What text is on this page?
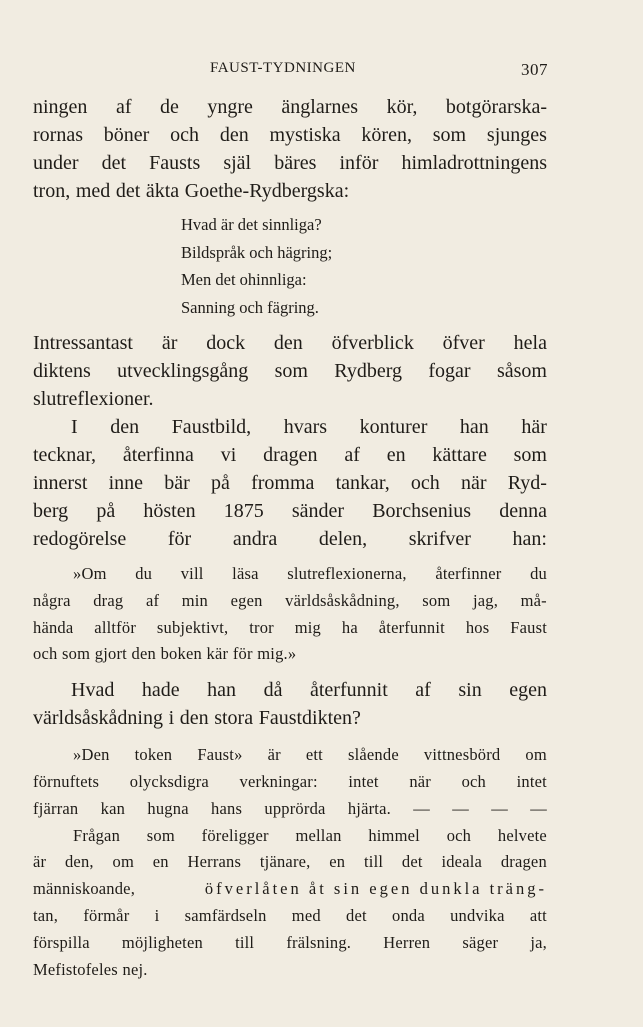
FAUST-TYDNINGEN	307
ningen af de yngre änglarnes kör, botgörarska-
rornas böner och den mystiska kören, som sjunges
under det Fausts själ bäres inför himladrottningens
tron, med det äkta Goethe-Rydbergska:
Hvad är det sinnliga?
Bildspråk och hägring;
Men det ohinnliga:
Sanning och fägring.
Intressantast är dock den öfverblick öfver hela
diktens utvecklingsgång som Rydberg fogar såsom
slutreflexioner.
I den Faustbild, hvars konturer han här
tecknar, återfinna vi dragen af en kättare som
innerst inne bär på fromma tankar, och när Ryd-
berg på hösten 1875 sänder Borchsenius denna
redogörelse för andra delen, skrifver han:
»Om du vill läsa slutreflexionerna, återfinner du
några drag af min egen världsåskådning, som jag, må-
hända alltför subjektivt, tror mig ha återfunnit hos Faust
och som gjort den boken kär för mig.»
Hvad hade han då återfunnit af sin egen
världsåskådning i den stora Faustdikten?
»Den token Faust» är ett slående vittnesbörd om
förnuftets olycksdigra verkningar: intet när och intet
fjärran kan hugna hans upprörda hjärta. — — — —
Frågan som föreligger mellan himmel och helvete
är den, om en Herrans tjänare, en till det ideala dragen
människoande,	öfverlåten åt sin egen dunkla träng-
tan, förmår i samfärdseln med det onda undvika att
förspilla möjligheten till frälsning. Herren säger ja,
Mefistofeles nej.
